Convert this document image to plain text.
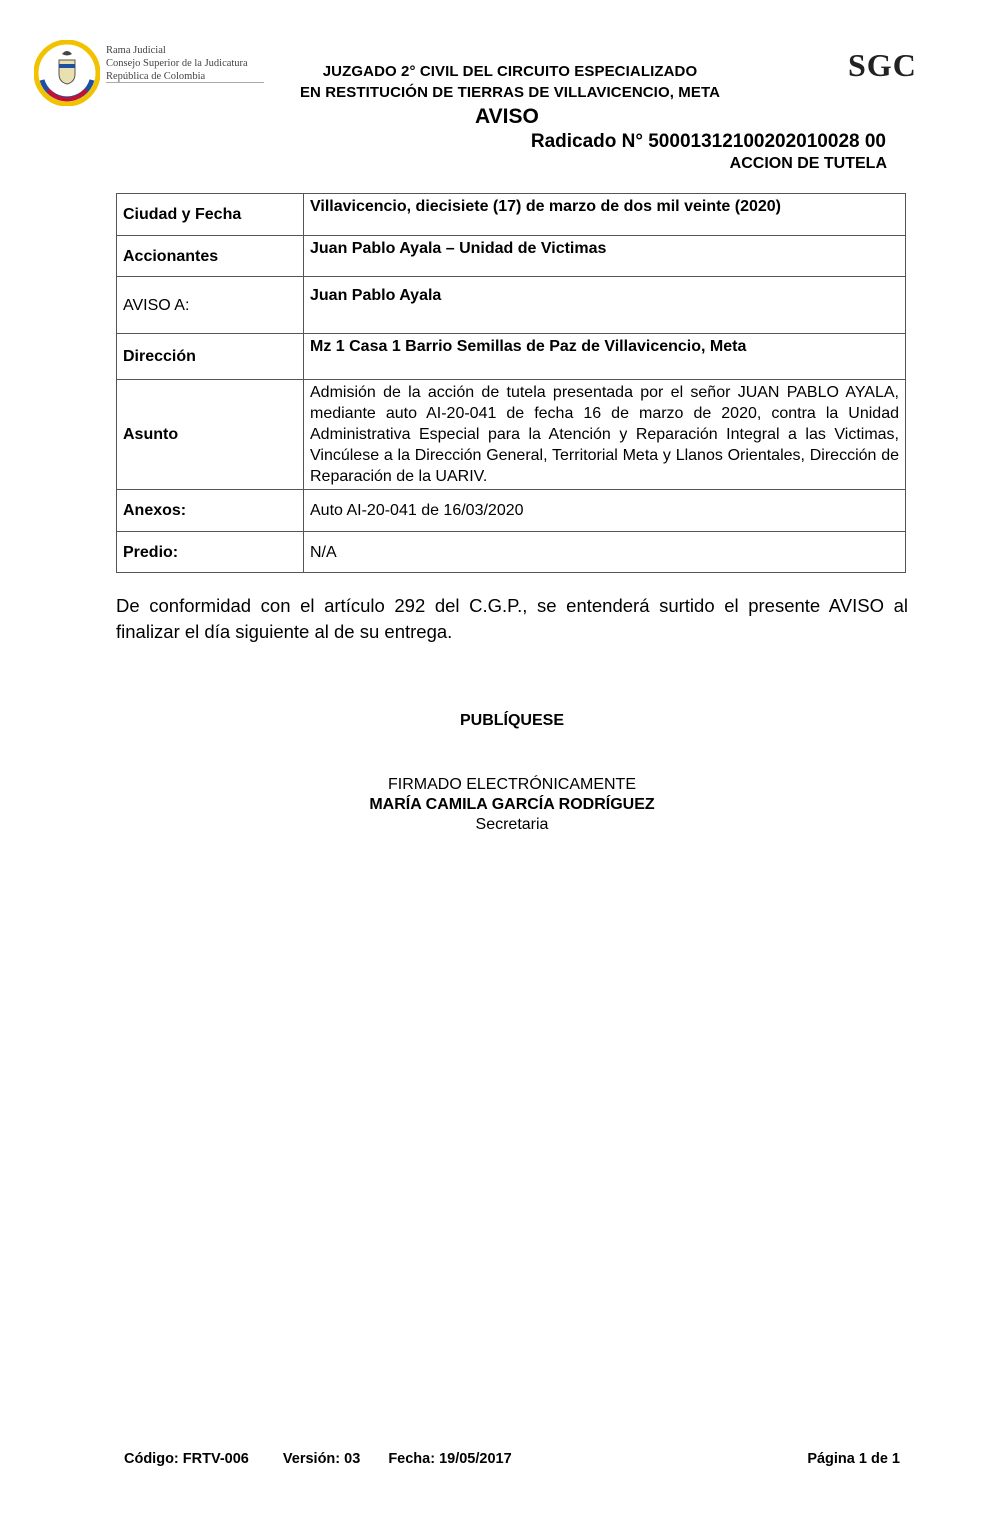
Rama Judicial
Consejo Superior de la Judicatura
República de Colombia	JUZGADO 2° CIVIL DEL CIRCUITO ESPECIALIZADO
EN RESTITUCIÓN DE TIERRAS DE VILLAVICENCIO, META
SGC
AVISO
Radicado N° 50001312100202010028 00
ACCION DE TUTELA
Ciudad y Fecha	Villavicencio, diecisiete (17) de marzo de dos mil veinte (2020)
Accionantes	Juan Pablo Ayala – Unidad de Victimas
AVISO A:	Juan Pablo Ayala
Dirección	Mz 1 Casa 1 Barrio Semillas de Paz de Villavicencio, Meta
Asunto	Admisión de la acción de tutela presentada por el señor JUAN PABLO AYALA, mediante auto AI-20-041 de fecha 16 de marzo de 2020, contra la Unidad Administrativa Especial para la Atención y Reparación Integral a las Victimas, Vincúlese a la Dirección General, Territorial Meta y Llanos Orientales, Dirección de Reparación de la UARIV.
Anexos:	Auto AI-20-041 de 16/03/2020
Predio:	N/A
De conformidad con el artículo 292 del C.G.P., se entenderá surtido el presente AVISO al finalizar el día siguiente al de su entrega.
PUBLÍQUESE
FIRMADO ELECTRÓNICAMENTE
MARÍA CAMILA GARCÍA RODRÍGUEZ
Secretaria
Código: FRTV-006 Versión: 03 Fecha: 19/05/2017	Página 1 de 1
